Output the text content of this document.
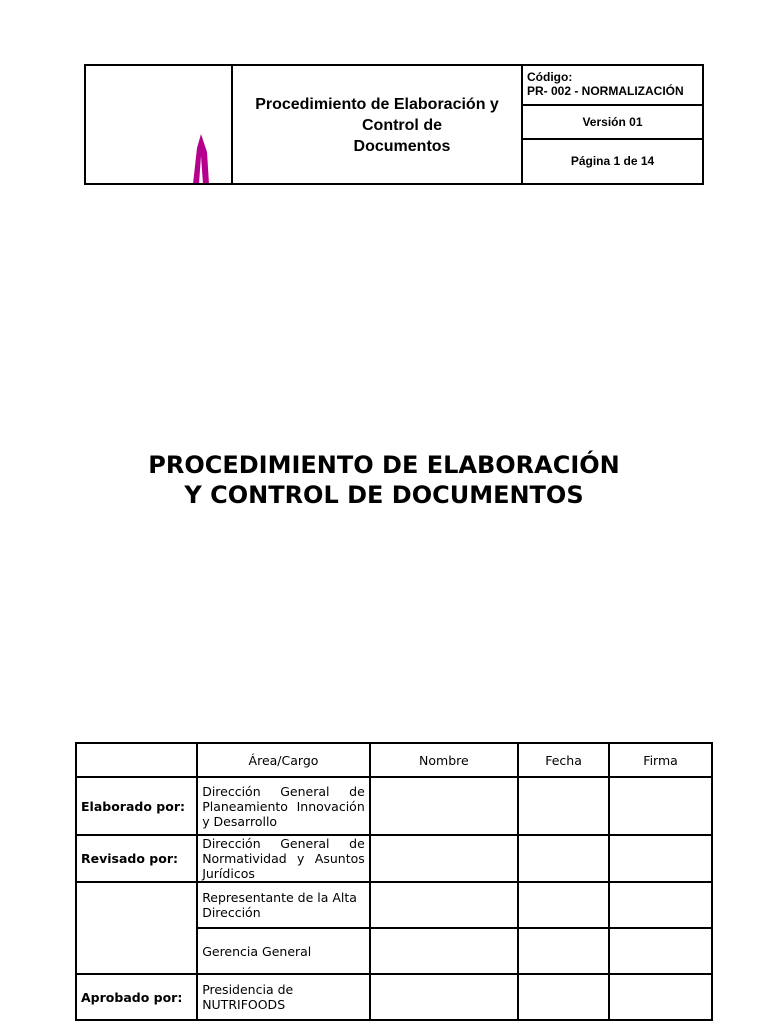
Procedimiento de Elaboración y
Control de
Documentos
Código:
PR- 002 - NORMALIZACIÓN
Versión 01
Página 1 de 14
PROCEDIMIENTO DE ELABORACIÓN
Y CONTROL DE DOCUMENTOS
	Área/Cargo	Nombre	Fecha	Firma
Elaborado por:	Dirección General de Planeamiento Innovación y Desarrollo			
Revisado por:	Dirección General de Normatividad y Asuntos Jurídicos			
	Representante de la Alta Dirección			
	Gerencia General			
Aprobado por:	Presidencia de NUTRIFOODS			
